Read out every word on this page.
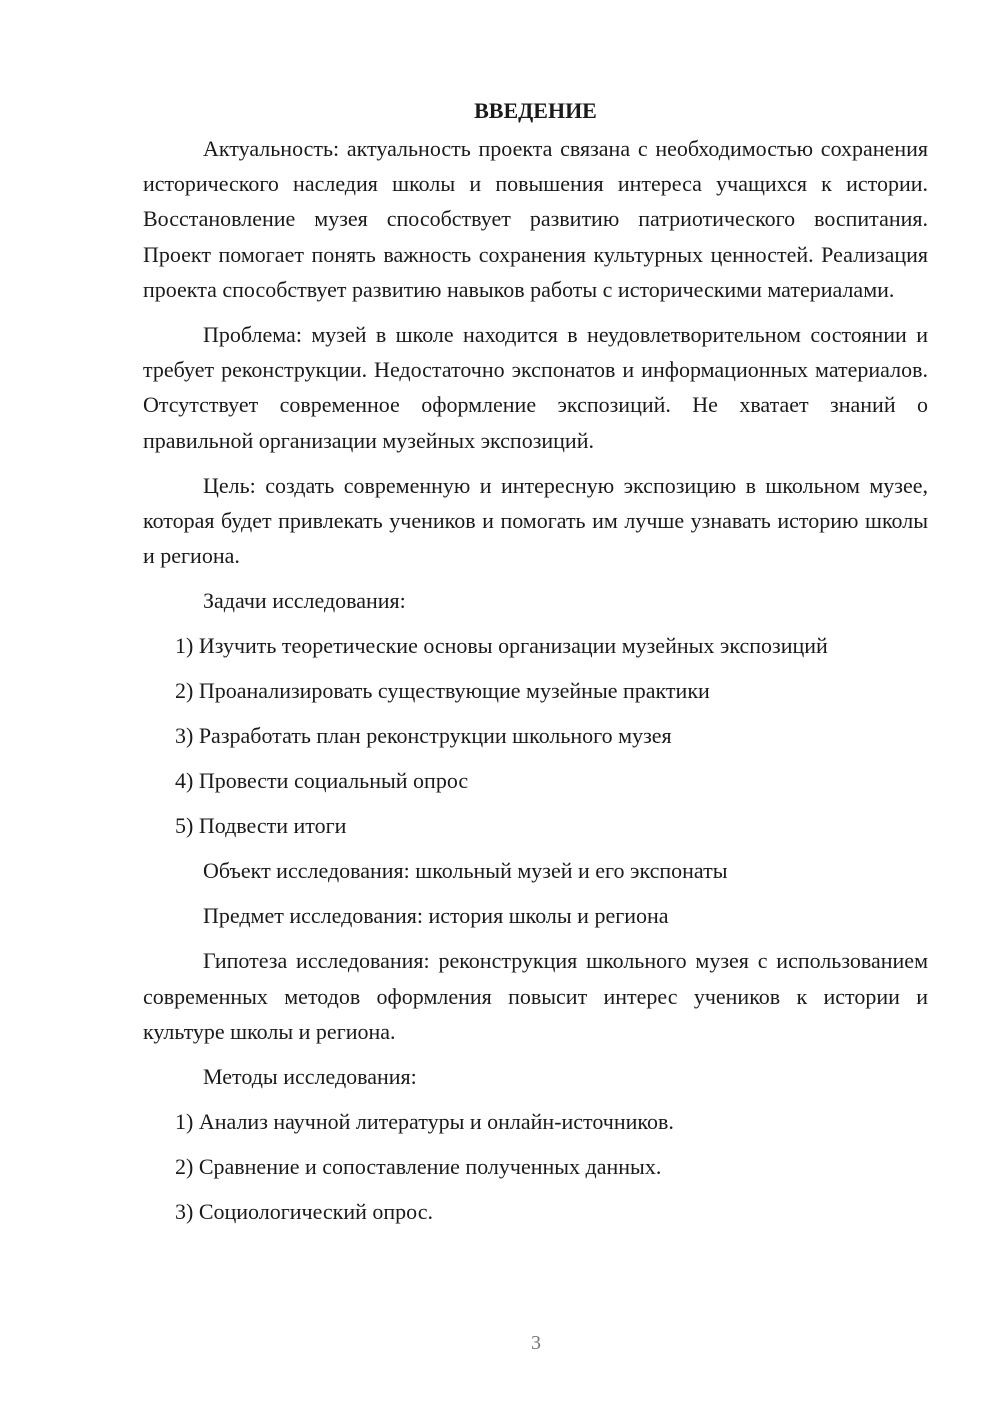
ВВЕДЕНИЕ

Актуальность: актуальность проекта связана с необходимостью сохранения исторического наследия школы и повышения интереса учащихся к истории. Восстановление музея способствует развитию патриотического воспитания. Проект помогает понять важность сохранения культурных ценностей. Реализация проекта способствует развитию навыков работы с историческими материалами.

Проблема: музей в школе находится в неудовлетворительном состоянии и требует реконструкции. Недостаточно экспонатов и информационных материалов. Отсутствует современное оформление экспозиций. Не хватает знаний о правильной организации музейных экспозиций.

Цель: создать современную и интересную экспозицию в школьном музее, которая будет привлекать учеников и помогать им лучше узнавать историю школы и региона.

Задачи исследования:

1) Изучить теоретические основы организации музейных экспозиций
2) Проанализировать существующие музейные практики
3) Разработать план реконструкции школьного музея
4) Провести социальный опрос
5) Подвести итоги

Объект исследования: школьный музей и его экспонаты

Предмет исследования: история школы и региона

Гипотеза исследования: реконструкция школьного музея с использованием современных методов оформления повысит интерес учеников к истории и культуре школы и региона.

Методы исследования:

1) Анализ научной литературы и онлайн-источников.
2) Сравнение и сопоставление полученных данных.
3) Социологический опрос.
3
